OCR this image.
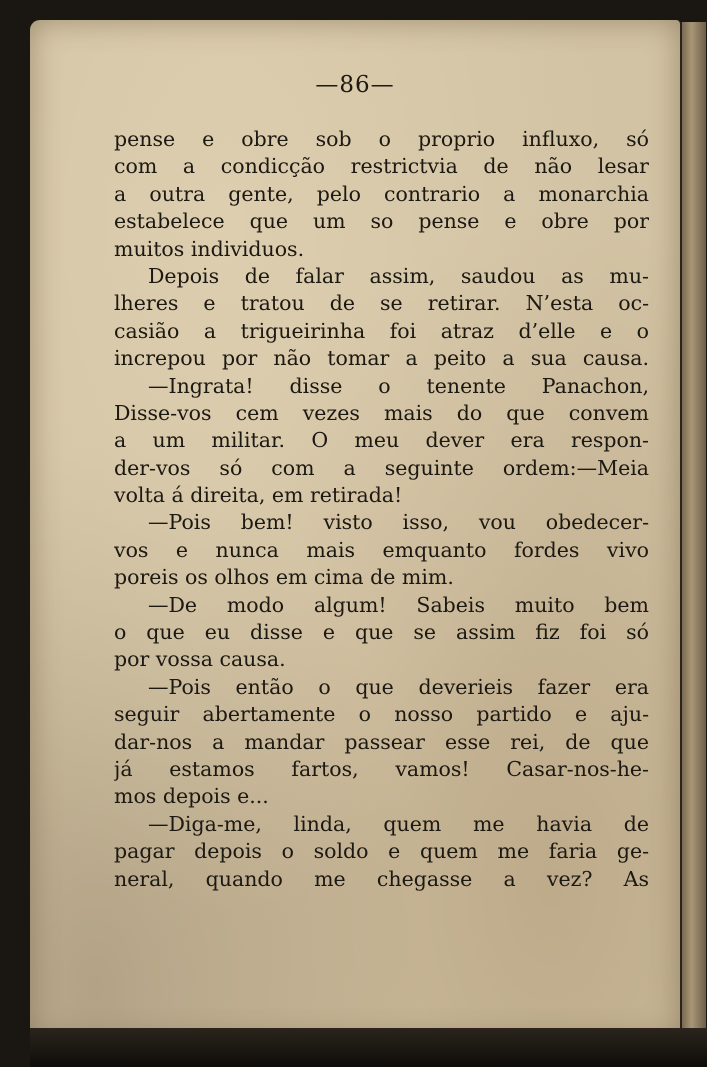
—86—
pense e obre sob o proprio influxo, só
com a condicção restrictvia de não lesar
a outra gente, pelo contrario a monarchia
estabelece que um so pense e obre por
muitos individuos.
Depois de falar assim, saudou as mu-
lheres e tratou de se retirar. N’esta oc-
casião a trigueirinha foi atraz d’elle e o
increpou por não tomar a peito a sua causa.
—Ingrata! disse o tenente Panachon,
Disse-vos cem vezes mais do que convem
a um militar. O meu dever era respon-
der-vos só com a seguinte ordem:—Meia
volta á direita, em retirada!
—Pois bem! visto isso, vou obedecer-
vos e nunca mais emquanto fordes vivo
poreis os olhos em cima de mim.
—De modo algum! Sabeis muito bem
o que eu disse e que se assim fiz foi só
por vossa causa.
—Pois então o que deverieis fazer era
seguir abertamente o nosso partido e aju-
dar-nos a mandar passear esse rei, de que
já estamos fartos, vamos! Casar-nos-he-
mos depois e...
—Diga-me, linda, quem me havia de
pagar depois o soldo e quem me faria ge-
neral, quando me chegasse a vez? As
